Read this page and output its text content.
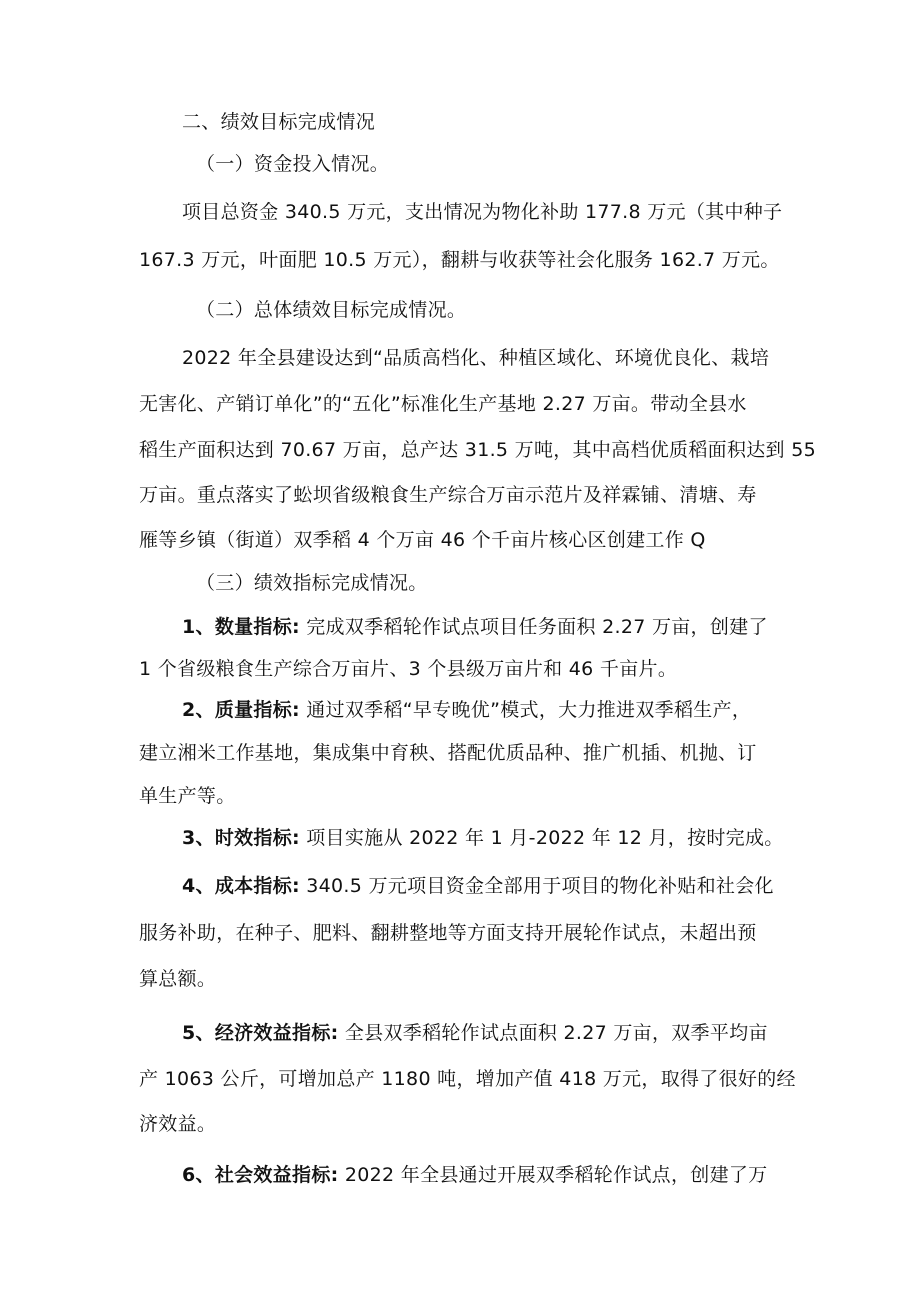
二、绩效目标完成情况
（一）资金投入情况。
项目总资金 340.5 万元，支出情况为物化补助 177.8 万元（其中种子
167.3 万元，叶面肥 10.5 万元），翻耕与收获等社会化服务 162.7 万元。
（二）总体绩效目标完成情况。
2022 年全县建设达到“品质高档化、种植区域化、环境优良化、栽培
无害化、产销订单化”的“五化”标准化生产基地 2.27 万亩。带动全县水
稻生产面积达到 70.67 万亩，总产达 31.5 万吨，其中高档优质稻面积达到 55
万亩。重点落实了蚣坝省级粮食生产综合万亩示范片及祥霖铺、清塘、寿
雁等乡镇（街道）双季稻 4 个万亩 46 个千亩片核心区创建工作 Q
（三）绩效指标完成情况。
1、数量指标: 完成双季稻轮作试点项目任务面积 2.27 万亩，创建了
1 个省级粮食生产综合万亩片、3 个县级万亩片和 46 千亩片。
2、质量指标: 通过双季稻“早专晚优”模式，大力推进双季稻生产，
建立湘米工作基地，集成集中育秧、搭配优质品种、推广机插、机抛、订
单生产等。
3、时效指标: 项目实施从 2022 年 1 月-2022 年 12 月，按时完成。
4、成本指标: 340.5 万元项目资金全部用于项目的物化补贴和社会化
服务补助，在种子、肥料、翻耕整地等方面支持开展轮作试点，未超出预
算总额。
5、经济效益指标: 全县双季稻轮作试点面积 2.27 万亩，双季平均亩
产 1063 公斤，可增加总产 1180 吨，增加产值 418 万元，取得了很好的经
济效益。
6、社会效益指标: 2022 年全县通过开展双季稻轮作试点，创建了万
